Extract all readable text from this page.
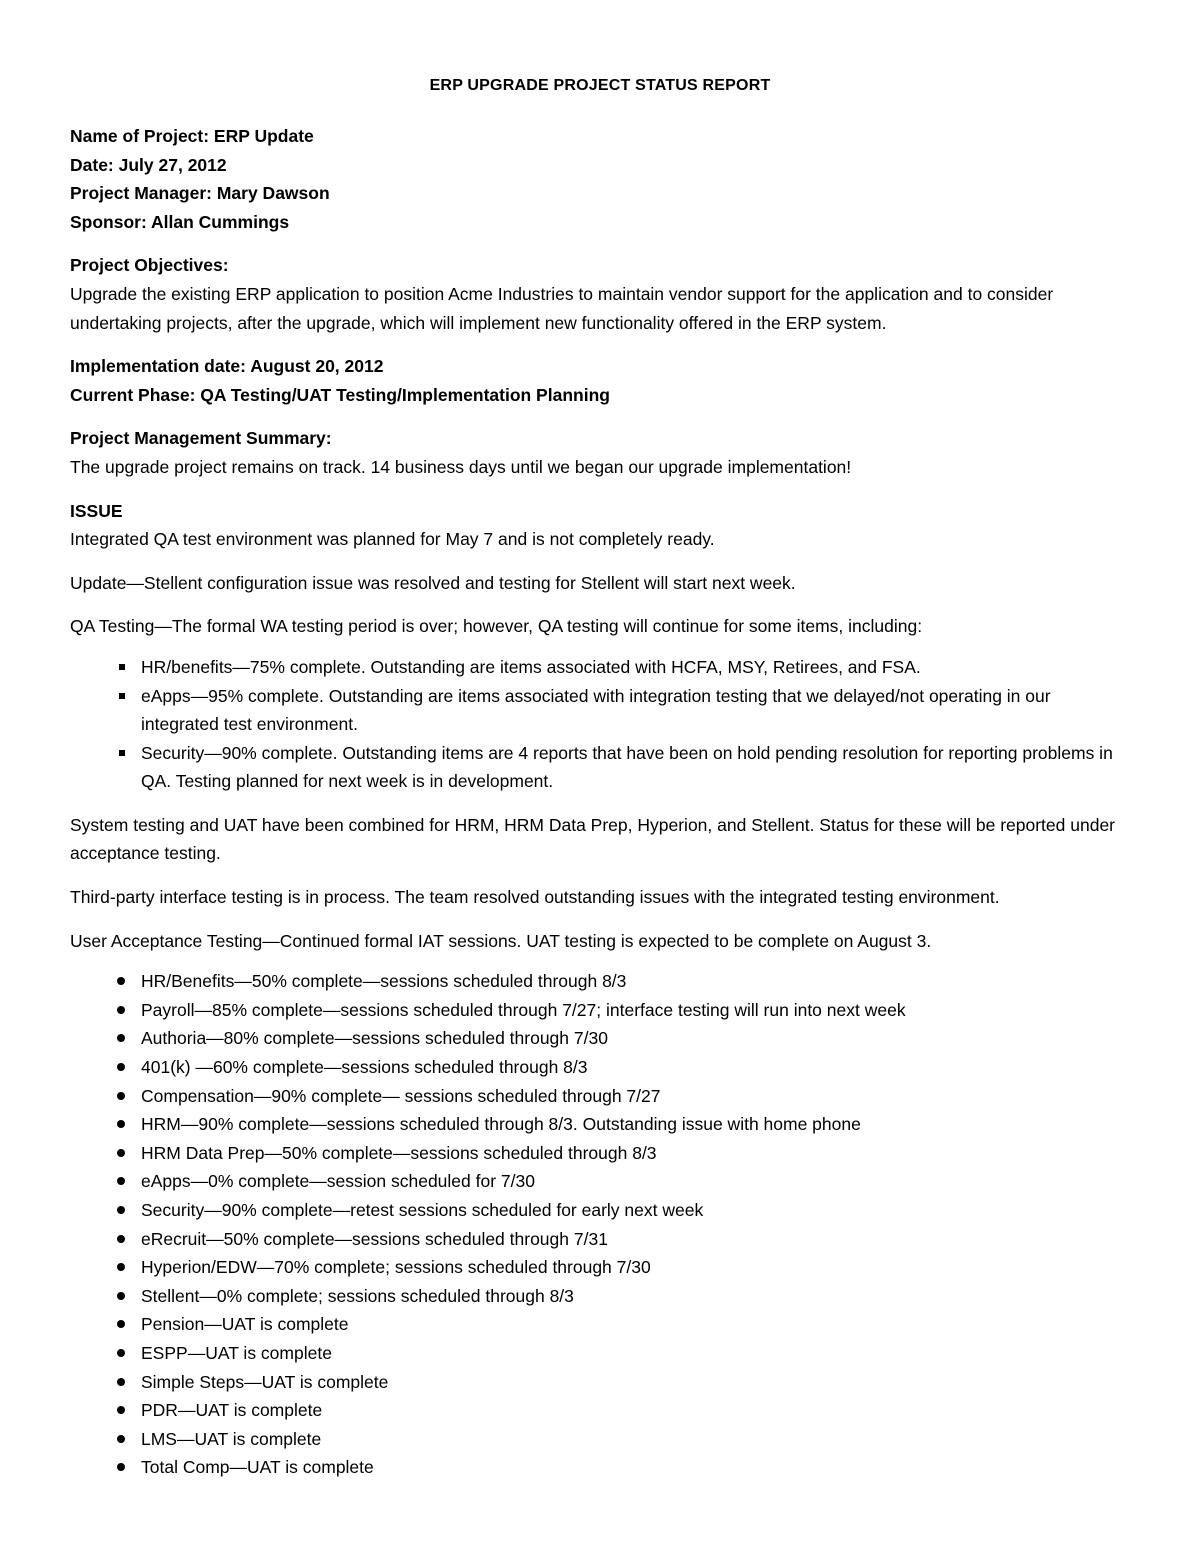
ERP UPGRADE PROJECT STATUS REPORT

Name of Project: ERP Update

Date: July 27, 2012

Project Manager: Mary Dawson

Sponsor: Allan Cummings

Project Objectives:

Upgrade the existing ERP application to position Acme Industries to maintain vendor support for the application and to consider undertaking projects, after the upgrade, which will implement new functionality offered in the ERP system.

Implementation date: August 20, 2012

Current Phase: QA Testing/UAT Testing/Implementation Planning

Project Management Summary:

The upgrade project remains on track. 14 business days until we began our upgrade implementation!

ISSUE

Integrated QA test environment was planned for May 7 and is not completely ready.

Update—Stellent configuration issue was resolved and testing for Stellent will start next week.

QA Testing—The formal WA testing period is over; however, QA testing will continue for some items, including:

HR/benefits—75% complete. Outstanding are items associated with HCFA, MSY, Retirees, and FSA.
eApps—95% complete. Outstanding are items associated with integration testing that we delayed/not operating in our integrated test environment.
Security—90% complete. Outstanding items are 4 reports that have been on hold pending resolution for reporting problems in QA. Testing planned for next week is in development.

System testing and UAT have been combined for HRM, HRM Data Prep, Hyperion, and Stellent. Status for these will be reported under acceptance testing.

Third-party interface testing is in process. The team resolved outstanding issues with the integrated testing environment.

User Acceptance Testing—Continued formal IAT sessions. UAT testing is expected to be complete on August 3.

HR/Benefits—50% complete—sessions scheduled through 8/3
Payroll—85% complete—sessions scheduled through 7/27; interface testing will run into next week
Authoria—80% complete—sessions scheduled through 7/30
401(k) —60% complete—sessions scheduled through 8/3
Compensation—90% complete— sessions scheduled through 7/27
HRM—90% complete—sessions scheduled through 8/3. Outstanding issue with home phone
HRM Data Prep—50% complete—sessions scheduled through 8/3
eApps—0% complete—session scheduled for 7/30
Security—90% complete—retest sessions scheduled for early next week
eRecruit—50% complete—sessions scheduled through 7/31
Hyperion/EDW—70% complete; sessions scheduled through 7/30
Stellent—0% complete; sessions scheduled through 8/3
Pension—UAT is complete
ESPP—UAT is complete
Simple Steps—UAT is complete
PDR—UAT is complete
LMS—UAT is complete
Total Comp—UAT is complete
